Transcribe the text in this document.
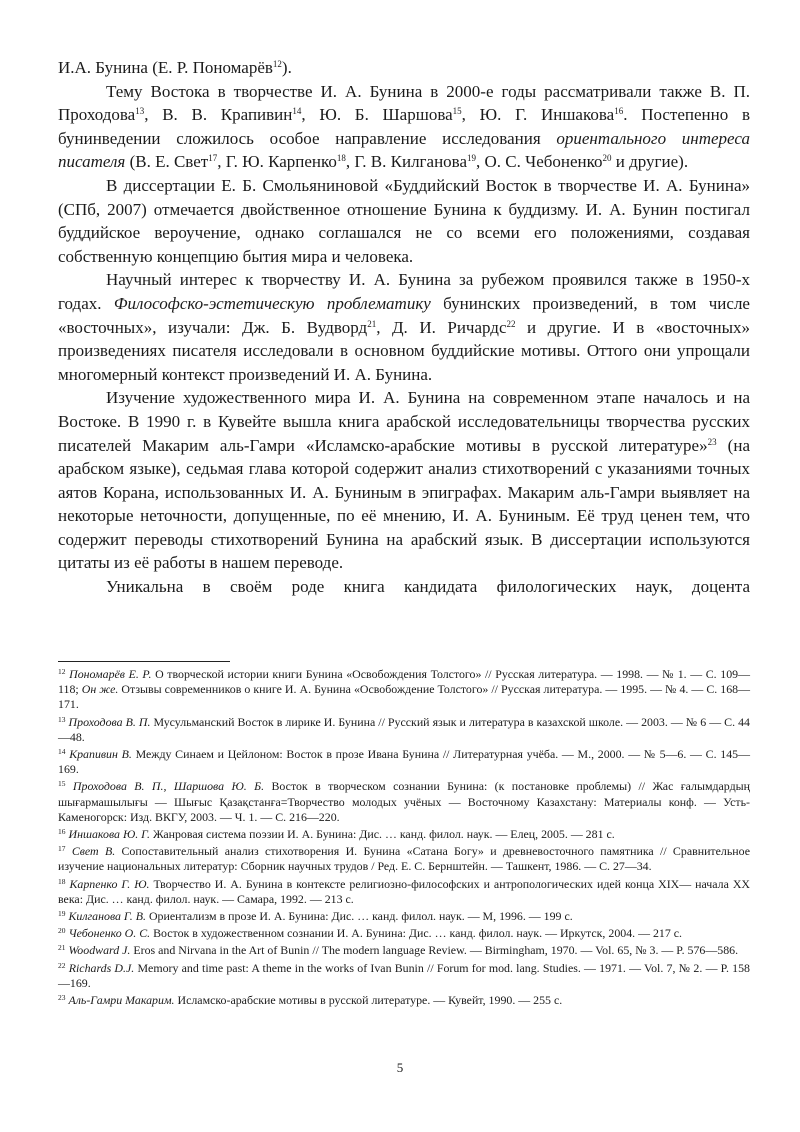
И.А. Бунина (Е. Р. Пономарёв$^{12}$).

Тему Востока в творчестве И. А. Бунина в 2000-е годы рассматривали также В. П. Проходова$^{13}$, В. В. Крапивин$^{14}$, Ю. Б. Шаршова$^{15}$, Ю. Г. Иншакова$^{16}$. Постепенно в бунинведении сложилось особое направление исследования ориентального интереса писателя (В. Е. Свет$^{17}$, Г. Ю. Карпенко$^{18}$, Г. В. Килганова$^{19}$, О. С. Чебоненко$^{20}$ и другие).

В диссертации Е. Б. Смольяниновой «Буддийский Восток в творчестве И. А. Бунина» (СПб, 2007) отмечается двойственное отношение Бунина к буддизму. И. А. Бунин постигал буддийское вероучение, однако соглашался не со всеми его положениями, создавая собственную концепцию бытия мира и человека.

Научный интерес к творчеству И. А. Бунина за рубежом проявился также в 1950-х годах. Философско-эстетическую проблематику бунинских произведений, в том числе «восточных», изучали: Дж. Б. Вудворд$^{21}$, Д. И. Ричардс$^{22}$ и другие. И в «восточных» произведениях писателя исследовали в основном буддийские мотивы. Оттого они упрощали многомерный контекст произведений И. А. Бунина.

Изучение художественного мира И. А. Бунина на современном этапе началось и на Востоке. В 1990 г. в Кувейте вышла книга арабской исследовательницы творчества русских писателей Макарим аль-Гамри «Исламско-арабские мотивы в русской литературе»$^{23}$ (на арабском языке), седьмая глава которой содержит анализ стихотворений с указаниями точных аятов Корана, использованных И. А. Буниным в эпиграфах. Макарим аль-Гамри выявляет на некоторые неточности, допущенные, по её мнению, И. А. Буниным. Её труд ценен тем, что содержит переводы стихотворений Бунина на арабский язык. В диссертации используются цитаты из её работы в нашем переводе.

Уникальна в своём роде книга кандидата филологических наук, доцента

$^{12}$ Пономарёв Е. Р. О творческой истории книги Бунина «Освобождения Толстого» // Русская литература. — 1998. — № 1. — С. 109—118; Он же. Отзывы современников о книге И. А. Бунина «Освобождение Толстого» // Русская литература. — 1995. — № 4. — С. 168—171.

$^{13}$ Проходова В. П. Мусульманский Восток в лирике И. Бунина // Русский язык и литература в казахской школе. — 2003. — № 6 — С. 44—48.

$^{14}$ Крапивин В. Между Синаем и Цейлоном: Восток в прозе Ивана Бунина // Литературная учёба. — М., 2000. — № 5—6. — С. 145—169.

$^{15}$ Проходова В. П., Шаршова Ю. Б. Восток в творческом сознании Бунина: (к постановке проблемы) // Жас ғалымдардың шығармашылығы — Шығыс Қазақстанға=Творчество молодых учёных — Восточному Казахстану: Материалы конф. — Усть-Каменогорск: Изд. ВКГУ, 2003. — Ч. 1. — С. 216—220.

$^{16}$ Иншакова Ю. Г. Жанровая система поэзии И. А. Бунина: Дис. … канд. филол. наук. — Елец, 2005. — 281 с.

$^{17}$ Свет В. Сопоставительный анализ стихотворения И. Бунина «Сатана Богу» и древневосточного памятника // Сравнительное изучение национальных литератур: Сборник научных трудов / Ред. Е. С. Бернштейн. — Ташкент, 1986. — С. 27—34.

$^{18}$ Карпенко Г. Ю. Творчество И. А. Бунина в контексте религиозно-философских и антропологических идей конца XIX— начала XX века: Дис. … канд. филол. наук. — Самара, 1992. — 213 с.

$^{19}$ Килганова Г. В. Ориентализм в прозе И. А. Бунина: Дис. … канд. филол. наук. — М, 1996. — 199 с.

$^{20}$ Чебоненко О. С. Восток в художественном сознании И. А. Бунина: Дис. … канд. филол. наук. — Иркутск, 2004. — 217 с.

$^{21}$ Woodward J. Eros and Nirvana in the Art of Bunin // The modern language Review. — Birmingham, 1970. — Vol. 65, № 3. — P. 576—586.

$^{22}$ Richards D.J. Memory and time past: A theme in the works of Ivan Bunin // Forum for mod. lang. Studies. — 1971. — Vol. 7, № 2. — P. 158—169.

$^{23}$ Аль-Гамри Макарим. Исламско-арабские мотивы в русской литературе. — Кувейт, 1990. — 255 с.

5
